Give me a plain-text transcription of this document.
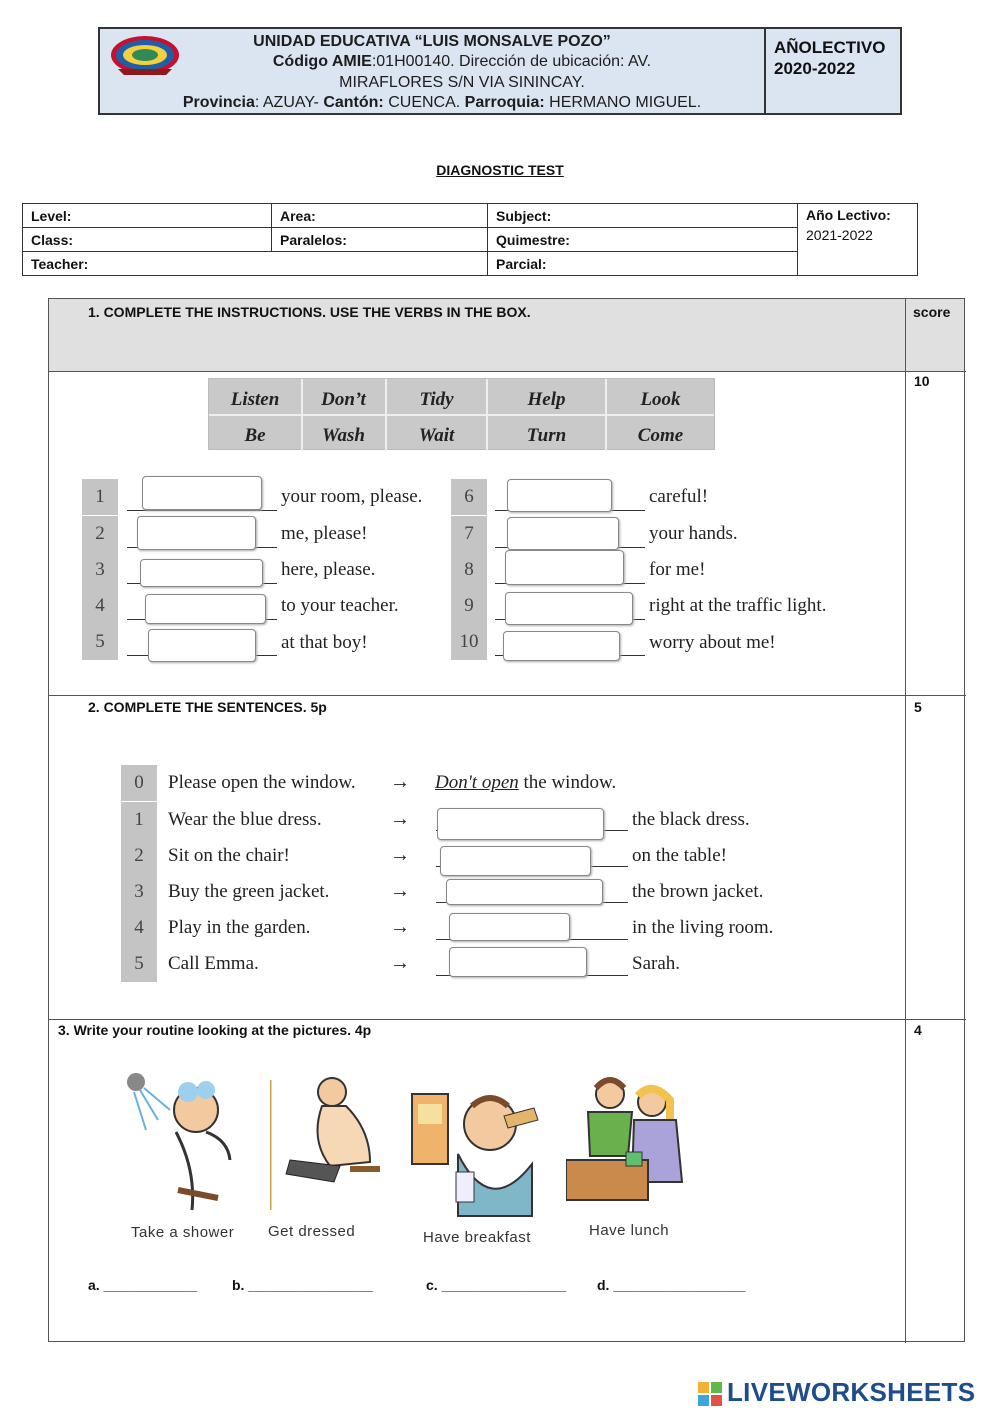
UNIDAD EDUCATIVA “LUIS MONSALVE POZO”
Código AMIE:01H00140. Dirección de ubicación: AV.
MIRAFLORES S/N VIA SININCAY.
Provincia: AZUAY- Cantón: CUENCA. Parroquia: HERMANO MIGUEL.
AÑOLECTIVO
2020-2022
DIAGNOSTIC TEST
Level:	Area:	Subject:	Año Lectivo:
2021-2022

Class:	Paralelos:	Quimestre:	
Teacher:		Parcial:	
score
10
5
4
1. COMPLETE THE INSTRUCTIONS. USE THE VERBS IN THE BOX.
Listen	Don’t	Tidy	Help	Look
Be	Wash	Wait	Turn	Come
1	your room, please.
2	me, please!
3	here, please.
4	to your teacher.
5	at that boy!
6	careful!
7	your hands.
8	for me!
9	right at the traffic light.
10	worry about me!
2. COMPLETE THE SENTENCES. 5p
0	Please open the window. → Don't open the window.
1	Wear the blue dress.	→	the black dress.
2	Sit on the chair!	→	on the table!
3	Buy the green jacket.	→	the brown jacket.
4	Play in the garden.	→	in the living room.
5	Call Emma.	→	Sarah.
3. Write your routine looking at the pictures. 4p
Take a shower Get dressed	Have breakfast	Have lunch
a. ____________	b. ________________	c. ________________ d. _________________
LIVEWORKSHEETS
